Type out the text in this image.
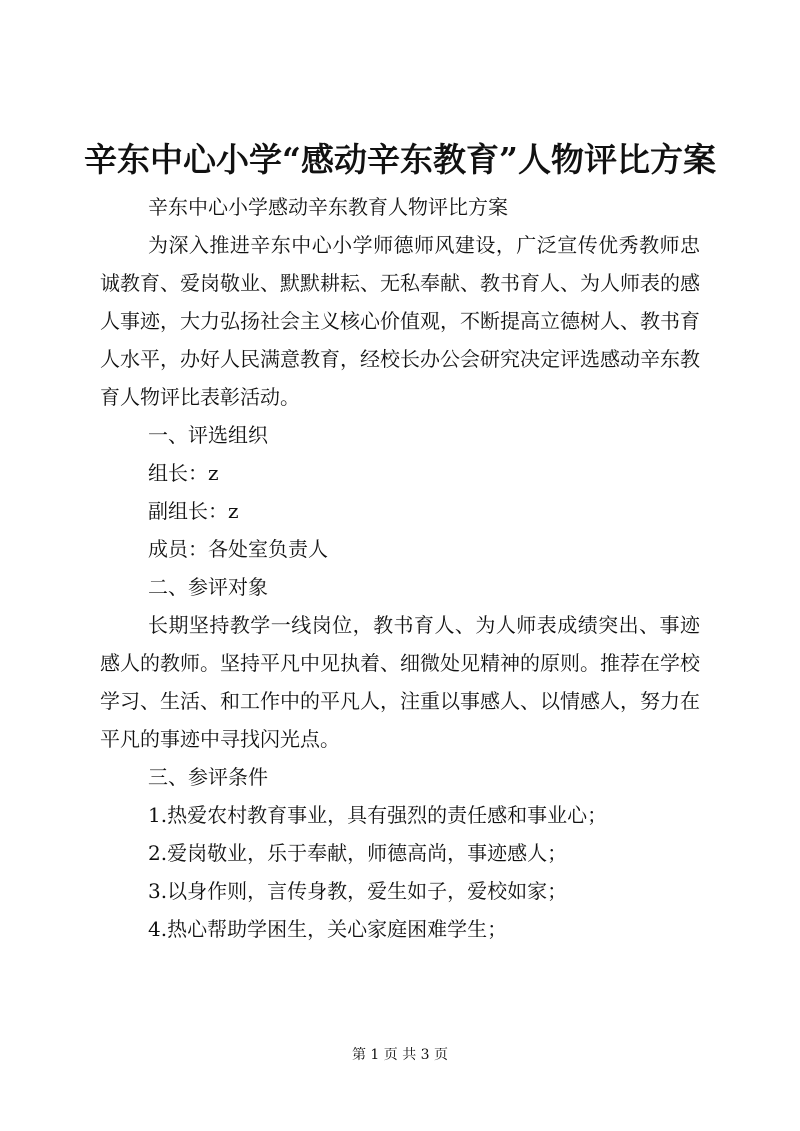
辛东中心小学“感动辛东教育”人物评比方案

辛东中心小学感动辛东教育人物评比方案

为深入推进辛东中心小学师德师风建设，广泛宣传优秀教师忠诚教育、爱岗敬业、默默耕耘、无私奉献、教书育人、为人师表的感人事迹，大力弘扬社会主义核心价值观，不断提高立德树人、教书育人水平，办好人民满意教育，经校长办公会研究决定评选感动辛东教育人物评比表彰活动。

一、评选组织

组长：z

副组长：z

成员：各处室负责人

二、参评对象

长期坚持教学一线岗位，教书育人、为人师表成绩突出、事迹感人的教师。坚持平凡中见执着、细微处见精神的原则。推荐在学校学习、生活、和工作中的平凡人，注重以事感人、以情感人，努力在平凡的事迹中寻找闪光点。

三、参评条件

1.热爱农村教育事业，具有强烈的责任感和事业心；

2.爱岗敬业，乐于奉献，师德高尚，事迹感人；

3.以身作则，言传身教，爱生如子，爱校如家；

4.热心帮助学困生，关心家庭困难学生；

第 1 页 共 3 页
